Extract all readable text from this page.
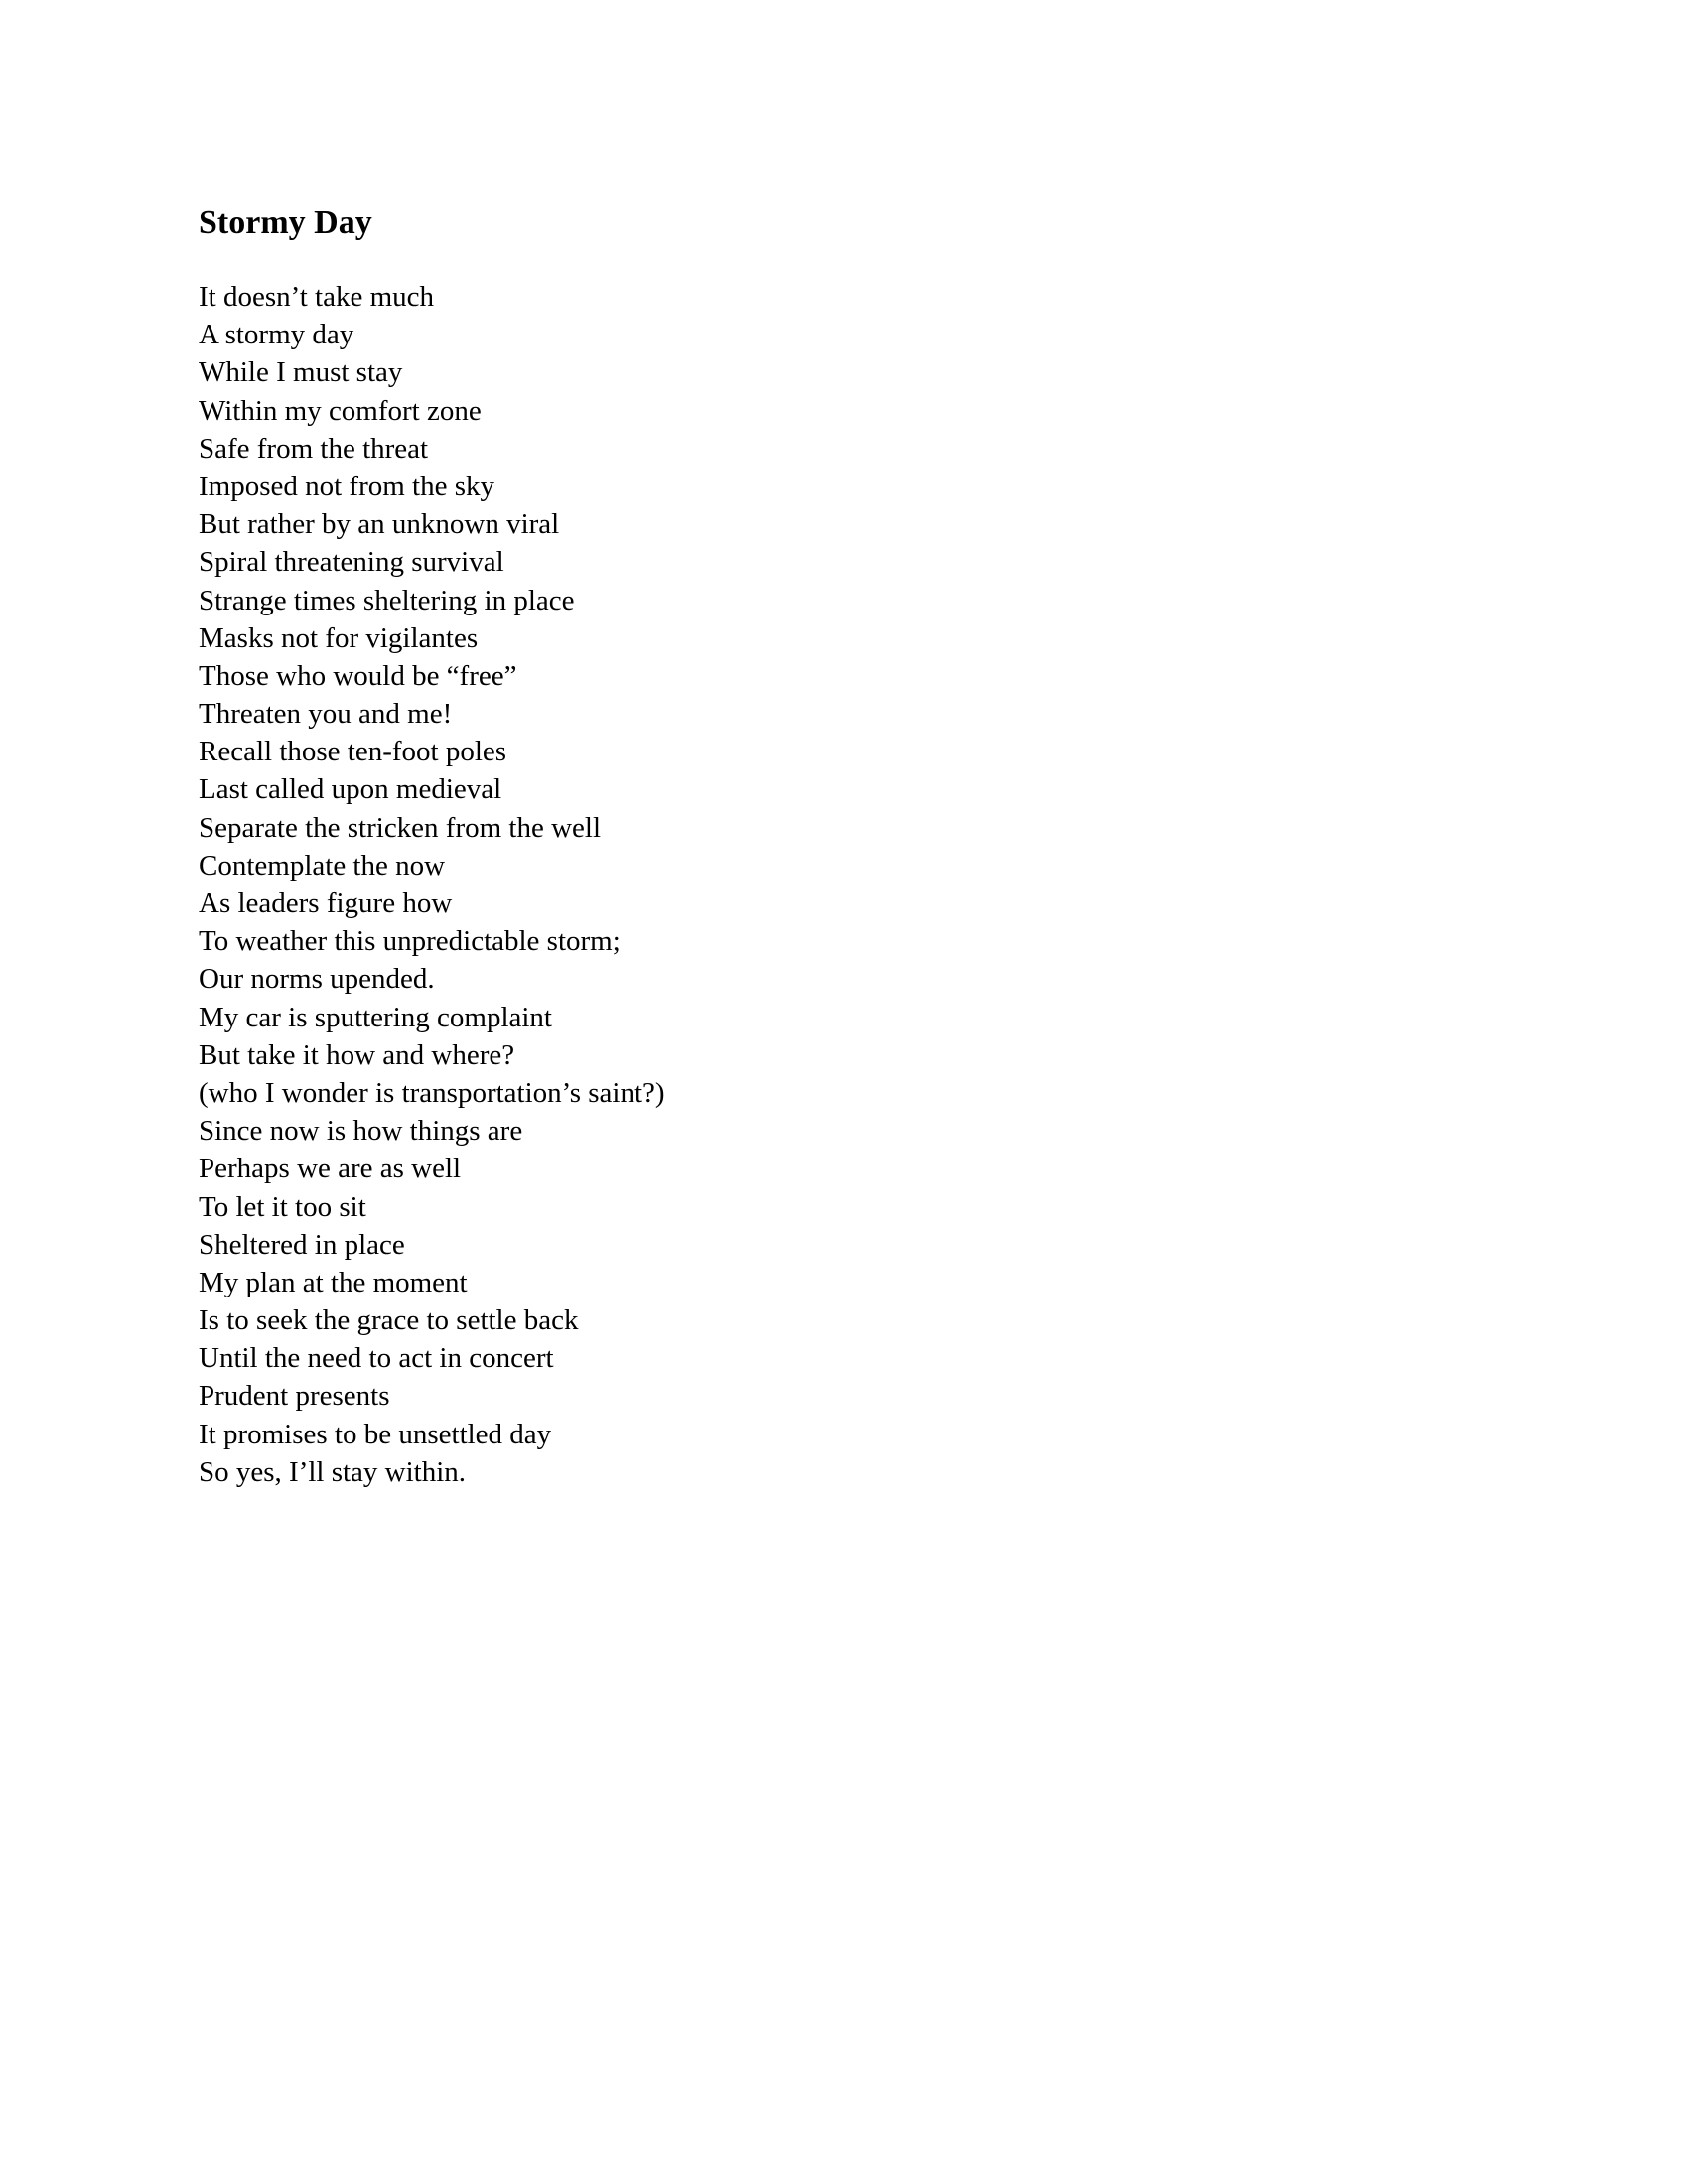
Stormy Day
It doesn’t take much
A stormy day
While I must stay
Within my comfort zone
Safe from the threat
Imposed not from the sky
But rather by an unknown viral
Spiral threatening survival
Strange times sheltering in place
Masks not for vigilantes
Those who would be “free”
Threaten you and me!
Recall those ten-foot poles
Last called upon medieval
Separate the stricken from the well
Contemplate the now
As leaders figure how
To weather this unpredictable storm;
Our norms upended.
My car is sputtering complaint
But take it how and where?
(who I wonder is transportation’s saint?)
Since now is how things are
Perhaps we are as well
To let it too sit
Sheltered in place
My plan at the moment
Is to seek the grace to settle back
Until the need to act in concert
Prudent presents
It promises to be unsettled day
So yes, I’ll stay within.
